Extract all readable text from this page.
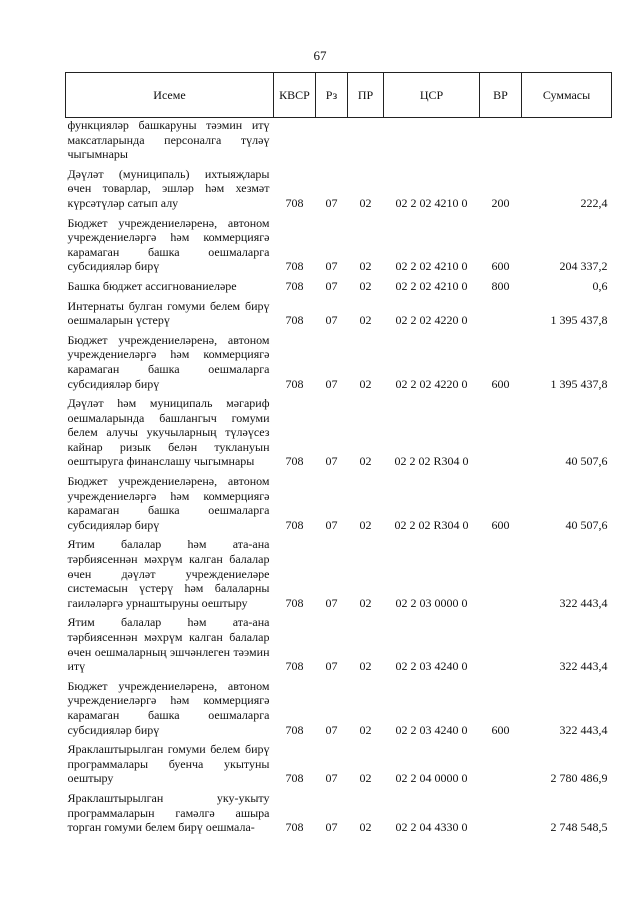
67
Исеме	КВСР	Рз	ПР	ЦСР	ВР	Суммасы
функцияләр башкаруны тәэмин итү максатларында персоналга түләү чыгымнары						
Дәүләт (муниципаль) ихтыяҗлары өчен товарлар, эшләр һәм хезмәт күрсәтүләр сатып алу	708	07	02	02 2 02 4210 0	200	222,4
Бюджет учреждениеләренә, автоном учреждениеләргә һәм коммерциягә карамаган башка оешмаларга субсидияләр бирү	708	07	02	02 2 02 4210 0	600	204 337,2
Башка бюджет ассигнованиеләре	708	07	02	02 2 02 4210 0	800	0,6
Интернаты булган гомуми белем бирү оешмаларын үстерү	708	07	02	02 2 02 4220 0		1 395 437,8
Бюджет учреждениеләренә, автоном учреждениеләргә һәм коммерциягә карамаган башка оешмаларга субсидияләр бирү	708	07	02	02 2 02 4220 0	600	1 395 437,8
Дәүләт һәм муниципаль мәгариф оешмаларында башлангыч гомуми белем алучы укучыларның түләүсез кайнар ризык белән туклануын оештыруга финанслашу чыгымнары	708	07	02	02 2 02 R304 0		40 507,6
Бюджет учреждениеләренә, автоном учреждениеләргә һәм коммерциягә карамаган башка оешмаларга субсидияләр бирү	708	07	02	02 2 02 R304 0	600	40 507,6
Ятим балалар һәм ата-ана тәрбиясеннән мәхрүм калган балалар өчен дәүләт учреждениеләре системасын үстерү һәм балаларны гаиләләргә урнаштыруны оештыру	708	07	02	02 2 03 0000 0		322 443,4
Ятим балалар һәм ата-ана тәрбиясеннән мәхрүм калган балалар өчен оешмаларның эшчәнлеген тәэмин итү	708	07	02	02 2 03 4240 0		322 443,4
Бюджет учреждениеләренә, автоном учреждениеләргә һәм коммерциягә карамаган башка оешмаларга субсидияләр бирү	708	07	02	02 2 03 4240 0	600	322 443,4
Яраклаштырылган гомуми белем бирү программалары буенча укытуны оештыру	708	07	02	02 2 04 0000 0		2 780 486,9
Яраклаштырылган уку-укыту программаларын гамәлгә ашыра торган гомуми белем бирү оешмала-	708	07	02	02 2 04 4330 0		2 748 548,5
